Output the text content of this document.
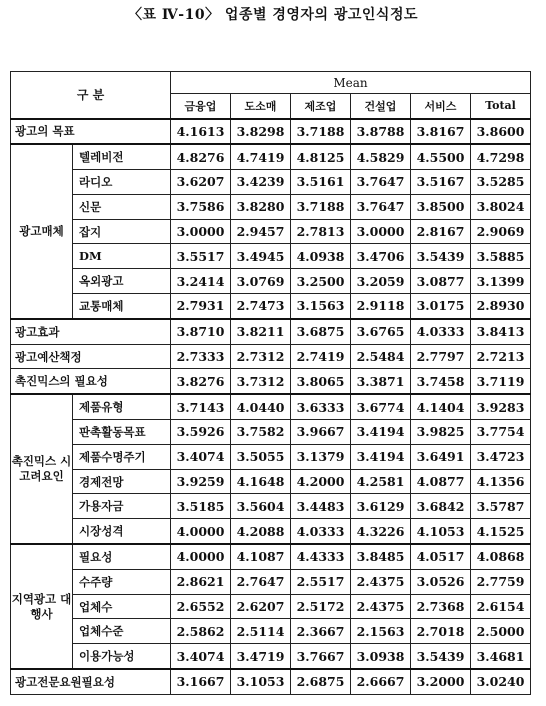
〈표 Ⅳ-10〉 업종별 경영자의 광고인식정도
구 분		Mean					
		금융업	도소매	제조업	건설업	서비스	Total
광고의 목표		4.1613	3.8298	3.7188	3.8788	3.8167	3.8600
광고매체	텔레비전	4.8276	4.7419	4.8125	4.5829	4.5500	4.7298
	라디오	3.6207	3.4239	3.5161	3.7647	3.5167	3.5285
	신문	3.7586	3.8280	3.7188	3.7647	3.8500	3.8024
	잡지	3.0000	2.9457	2.7813	3.0000	2.8167	2.9069
	DM	3.5517	3.4945	4.0938	3.4706	3.5439	3.5885
	옥외광고	3.2414	3.0769	3.2500	3.2059	3.0877	3.1399
	교통매체	2.7931	2.7473	3.1563	2.9118	3.0175	2.8930
광고효과		3.8710	3.8211	3.6875	3.6765	4.0333	3.8413
광고예산책정		2.7333	2.7312	2.7419	2.5484	2.7797	2.7213
촉진믹스의 필요성		3.8276	3.7312	3.8065	3.3871	3.7458	3.7119
촉진믹스 시 고려요인	제품유형	3.7143	4.0440	3.6333	3.6774	4.1404	3.9283
	판촉활동목표	3.5926	3.7582	3.9667	3.4194	3.9825	3.7754
	제품수명주기	3.4074	3.5055	3.1379	3.4194	3.6491	3.4723
	경제전망	3.9259	4.1648	4.2000	4.2581	4.0877	4.1356
	가용자금	3.5185	3.5604	3.4483	3.6129	3.6842	3.5787
	시장성격	4.0000	4.2088	4.0333	4.3226	4.1053	4.1525
지역광고 대행사	필요성	4.0000	4.1087	4.4333	3.8485	4.0517	4.0868
	수주량	2.8621	2.7647	2.5517	2.4375	3.0526	2.7759
	업체수	2.6552	2.6207	2.5172	2.4375	2.7368	2.6154
	업체수준	2.5862	2.5114	2.3667	2.1563	2.7018	2.5000
	이용가능성	3.4074	3.4719	3.7667	3.0938	3.5439	3.4681
광고전문요원필요성		3.1667	3.1053	2.6875	2.6667	3.2000	3.0240
